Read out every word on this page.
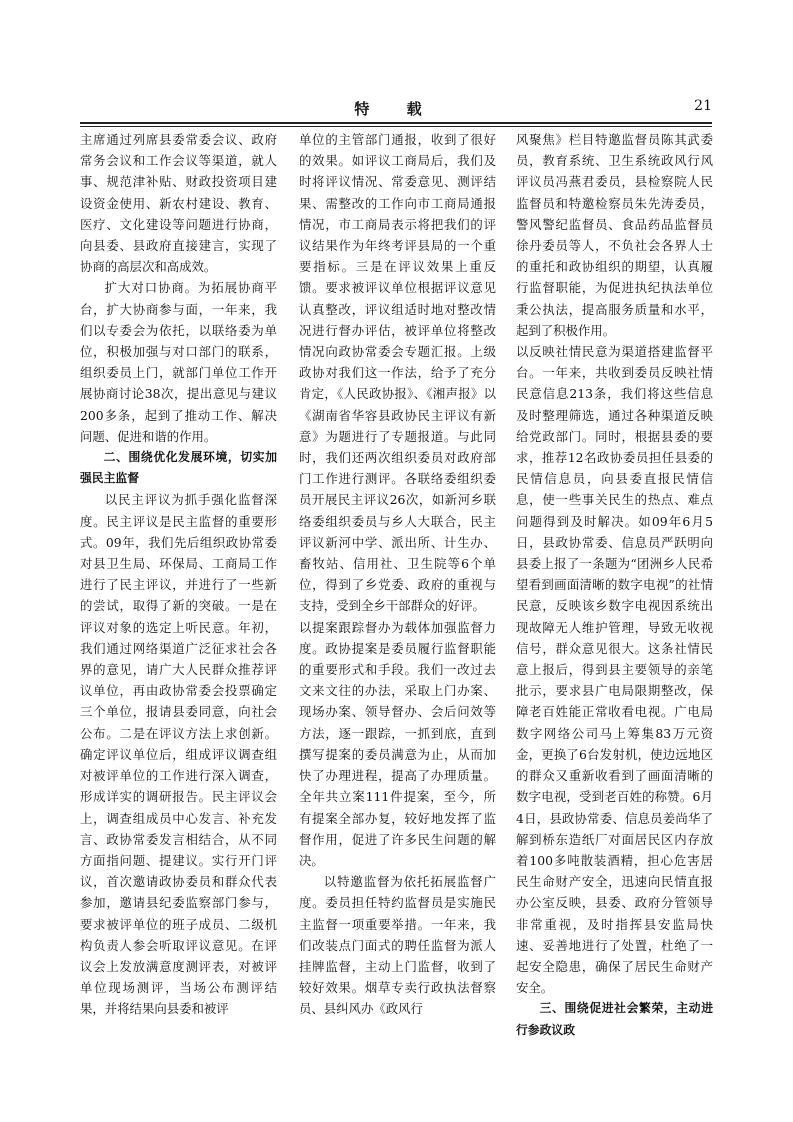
特 载	21

主席通过列席县委常委会议、政府常务会议和工作会议等渠道，就人事、规范津补贴、财政投资项目建设资金使用、新农村建设、教育、医疗、文化建设等问题进行协商，向县委、县政府直接建言，实现了协商的高层次和高成效。

扩大对口协商。为拓展协商平台，扩大协商参与面，一年来，我们以专委会为依托，以联络委为单位，积极加强与对口部门的联系，组织委员上门，就部门单位工作开展协商讨论38次，提出意见与建议200多条，起到了推动工作、解决问题、促进和谐的作用。

二、围绕优化发展环境，切实加强民主监督

以民主评议为抓手强化监督深度。民主评议是民主监督的重要形式。09年，我们先后组织政协常委对县卫生局、环保局、工商局工作进行了民主评议，并进行了一些新的尝试，取得了新的突破。一是在评议对象的选定上听民意。年初，我们通过网络渠道广泛征求社会各界的意见，请广大人民群众推荐评议单位，再由政协常委会投票确定三个单位，报请县委同意，向社会公布。二是在评议方法上求创新。确定评议单位后，组成评议调查组对被评单位的工作进行深入调查，形成详实的调研报告。民主评议会上，调查组成员中心发言、补充发言、政协常委发言相结合，从不同方面指问题、提建议。实行开门评议，首次邀请政协委员和群众代表参加，邀请县纪委监察部门参与，要求被评单位的班子成员、二级机构负责人参会听取评议意见。在评议会上发放满意度测评表，对被评单位现场测评，当场公布测评结果，并将结果向县委和被评

单位的主管部门通报，收到了很好的效果。如评议工商局后，我们及时将评议情况、常委意见、测评结果、需整改的工作向市工商局通报情况，市工商局表示将把我们的评议结果作为年终考评县局的一个重要指标。三是在评议效果上重反馈。要求被评议单位根据评议意见认真整改，评议组适时地对整改情况进行督办评估，被评单位将整改情况向政协常委会专题汇报。上级政协对我们这一作法，给予了充分肯定，《人民政协报》、《湘声报》以《湖南省华容县政协民主评议有新意》为题进行了专题报道。与此同时，我们还两次组织委员对政府部门工作进行测评。各联络委组织委员开展民主评议26次，如新河乡联络委组织委员与乡人大联合，民主评议新河中学、派出所、计生办、畜牧站、信用社、卫生院等6个单位，得到了乡党委、政府的重视与支持，受到全乡干部群众的好评。

以提案跟踪督办为载体加强监督力度。政协提案是委员履行监督职能的重要形式和手段。我们一改过去文来文往的办法，采取上门办案、现场办案、领导督办、会后问效等方法，逐一跟踪，一抓到底，直到撰写提案的委员满意为止，从而加快了办理进程，提高了办理质量。全年共立案111件提案，至今，所有提案全部办复，较好地发挥了监督作用，促进了许多民生问题的解决。

以特邀监督为依托拓展监督广度。委员担任特约监督员是实施民主监督一项重要举措。一年来，我们改装点门面式的聘任监督为派人挂牌监督，主动上门监督，收到了较好效果。烟草专卖行政执法督察员、县纠风办《政风行

风聚焦》栏目特邀监督员陈其武委员，教育系统、卫生系统政风行风评议员冯燕君委员，县检察院人民监督员和特邀检察员朱先涛委员，警风警纪监督员、食品药品监督员徐丹委员等人，不负社会各界人士的重托和政协组织的期望，认真履行监督职能，为促进执纪执法单位秉公执法，提高服务质量和水平，起到了积极作用。

以反映社情民意为渠道搭建监督平台。一年来，共收到委员反映社情民意信息213条，我们将这些信息及时整理筛选，通过各种渠道反映给党政部门。同时，根据县委的要求，推荐12名政协委员担任县委的民情信息员，向县委直报民情信息，使一些事关民生的热点、难点问题得到及时解决。如09年6月5日，县政协常委、信息员严跃明向县委上报了一条题为“团洲乡人民希望看到画面清晰的数字电视”的社情民意，反映该乡数字电视因系统出现故障无人维护管理，导致无收视信号，群众意见很大。这条社情民意上报后，得到县主要领导的亲笔批示，要求县广电局限期整改，保障老百姓能正常收看电视。广电局数字网络公司马上筹集83万元资金，更换了6台发射机，使边远地区的群众又重新收看到了画面清晰的数字电视，受到老百姓的称赞。6月4日，县政协常委、信息员姜尚华了解到桥东造纸厂对面居民区内存放着100多吨散装酒精，担心危害居民生命财产安全，迅速向民情直报办公室反映，县委、政府分管领导非常重视，及时指挥县安监局快速、妥善地进行了处置，杜绝了一起安全隐患，确保了居民生命财产安全。

三、围绕促进社会繁荣，主动进行参政议政
